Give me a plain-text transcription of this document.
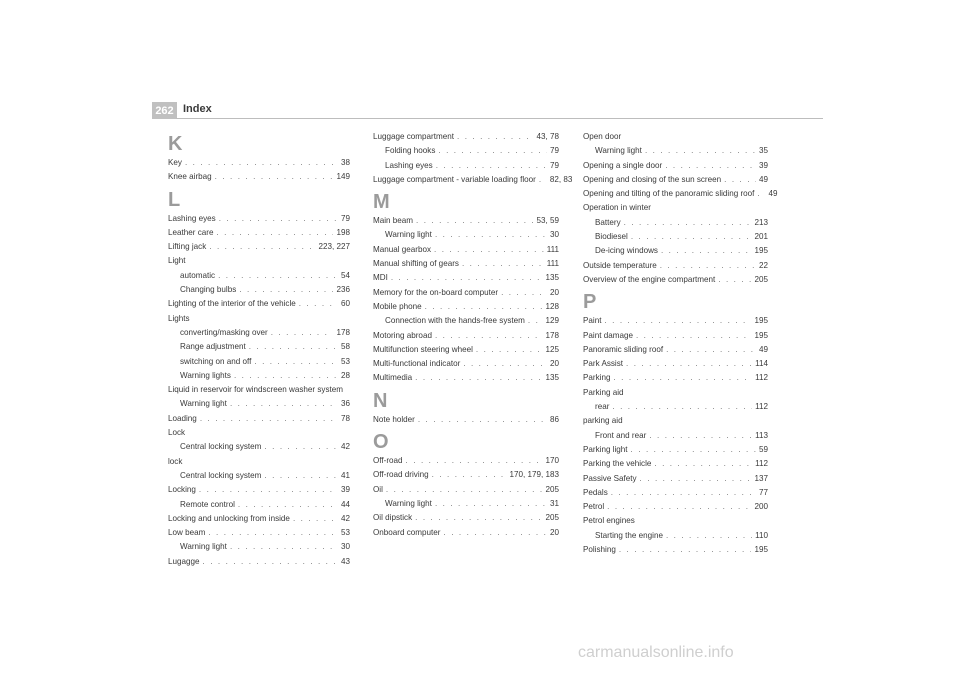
262 Index
K
Key . . .	38
Knee airbag . . .	149
L
Lashing eyes . . .	79
Leather care . . .	198
Lifting jack . . .	223, 227
Light
automatic . . .	54
Changing bulbs . . .	236
Lighting of the interior of the vehicle . . .	60
Lights
converting/masking over . . .	178
Range adjustment . . .	58
switching on and off . . .	53
Warning lights . . .	28
Liquid in reservoir for windscreen washer system
Warning light . . .	36
Loading . . .	78
Lock
Central locking system . . .	42
lock
Central locking system . . .	41
Locking . . .	39
Remote control . . .	44
Locking and unlocking from inside . . .	42
Low beam . . .	53
Warning light . . .	30
Lugagge . . .	43
Luggage compartment . . .	43, 78
Folding hooks . . .	79
Lashing eyes . . .	79
Luggage compartment - variable loading floor . . . 82, 83
M
Main beam . . .	53, 59
Warning light . . .	30
Manual gearbox . . .	111
Manual shifting of gears . . .	111
MDI . . .	135
Memory for the on-board computer . . .	20
Mobile phone . . .	128
Connection with the hands-free system . . .	129
Motoring abroad . . .	178
Multifunction steering wheel . . .	125
Multi-functional indicator . . .	20
Multimedia . . .	135
N
Note holder . . .	86
O
Off-road . . .	170
Off-road driving . . .	170, 179, 183
Oil . . .	205
Warning light . . .	31
Oil dipstick . . .	205
Onboard computer . . .	20
Open door
Warning light . . .	35
Opening a single door . . .	39
Opening and closing of the sun screen . . .	49
Opening and tilting of the panoramic sliding roof . . . 49
Operation in winter
Battery . . .	213
Biodiesel . . .	201
De-icing windows . . .	195
Outside temperature . . .	22
Overview of the engine compartment . . .	205
P
Paint . . .	195
Paint damage . . .	195
Panoramic sliding roof . . .	49
Park Assist . . .	114
Parking . . .	112
Parking aid
rear . . .	112
parking aid
Front and rear . . .	113
Parking light . . .	59
Parking the vehicle . . .	112
Passive Safety . . .	137
Pedals . . .	77
Petrol . . .	200
Petrol engines
Starting the engine . . .	110
Polishing . . .	195
carmanualsonline.info
